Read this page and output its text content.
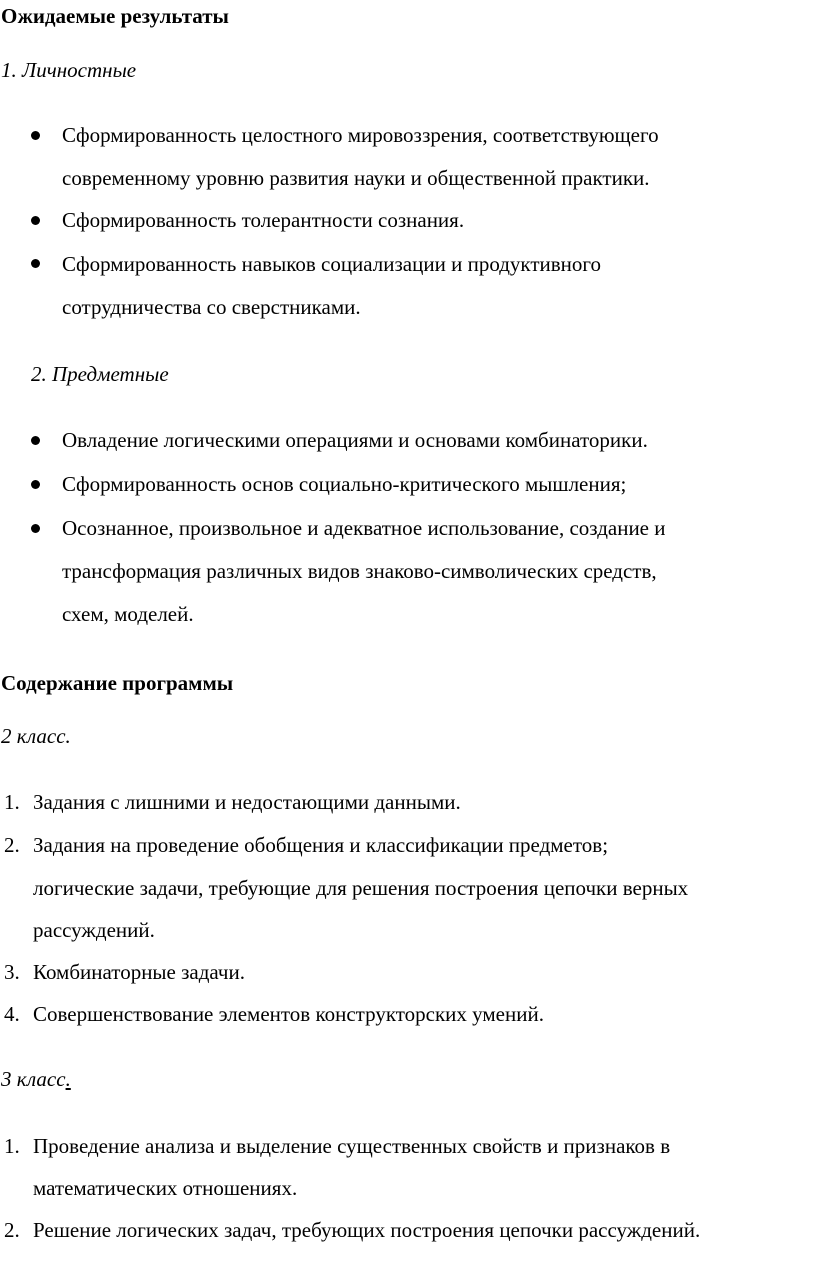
Ожидаемые результаты
1. Личностные
Сформированность целостного мировоззрения, соответствующего
современному уровню развития науки и общественной практики.
Сформированность толерантности сознания.
Сформированность навыков социализации и продуктивного
сотрудничества со сверстниками.
2. Предметные
Овладение логическими операциями и основами комбинаторики.
Сформированность основ социально-критического мышления;
Осознанное, произвольное и адекватное использование, создание и
трансформация различных видов знаково-символических средств,
схем, моделей.
Содержание программы
2 класс.
1. Задания с лишними и недостающими данными.
2. Задания на проведение обобщения и классификации предметов;
логические задачи, требующие для решения построения цепочки верных
рассуждений.
3. Комбинаторные задачи.
4. Совершенствование элементов конструкторских умений.
3 класс.
1. Проведение анализа и выделение существенных свойств и признаков в
математических отношениях.
2. Решение логических задач, требующих построения цепочки рассуждений.
